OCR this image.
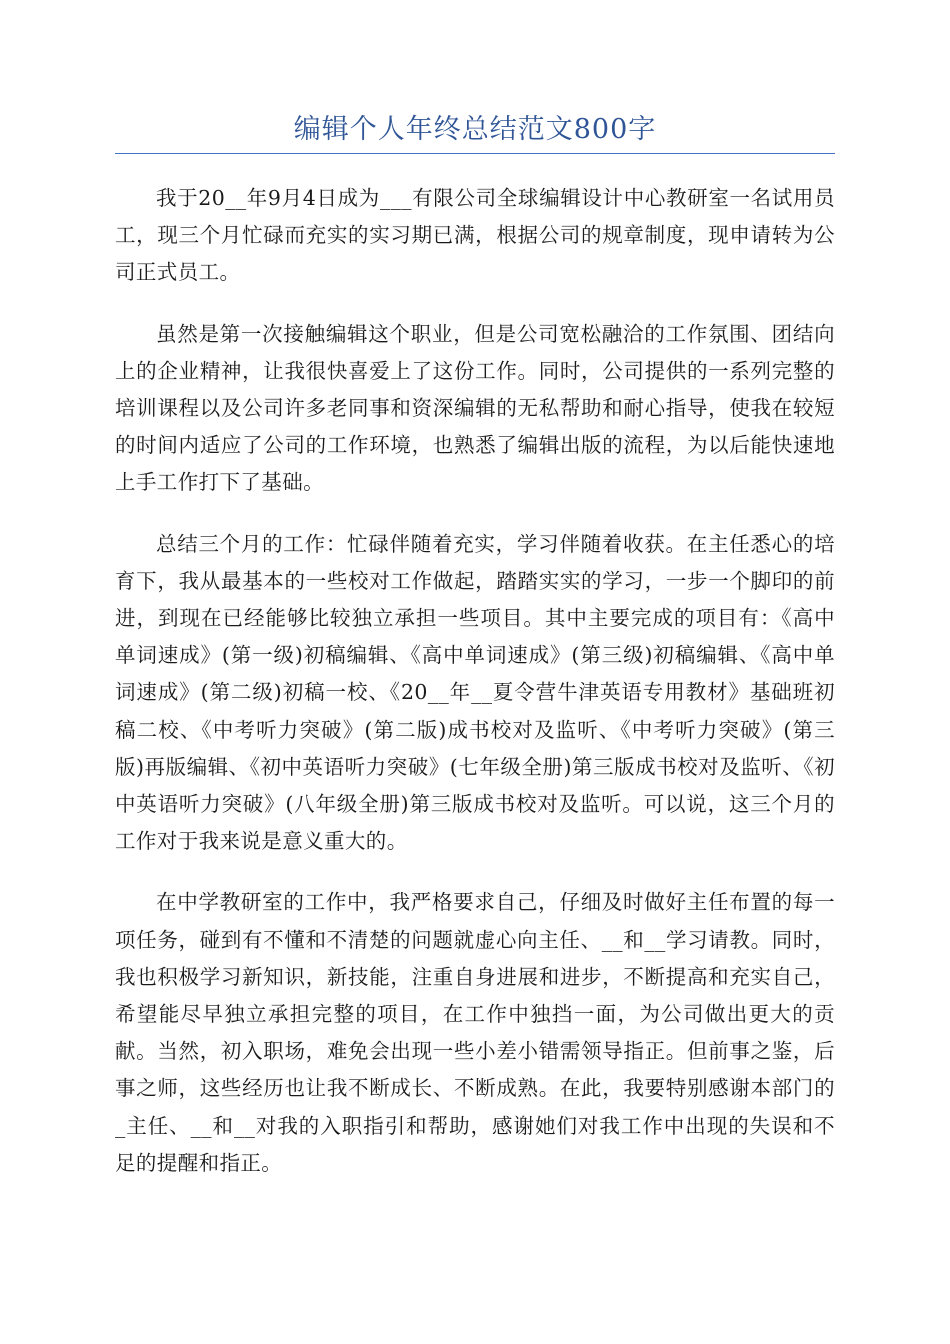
编辑个人年终总结范文800字

我于20__年9月4日成为___有限公司全球编辑设计中心教研室一名试用员工，现三个月忙碌而充实的实习期已满，根据公司的规章制度，现申请转为公司正式员工。

虽然是第一次接触编辑这个职业，但是公司宽松融洽的工作氛围、团结向上的企业精神，让我很快喜爱上了这份工作。同时，公司提供的一系列完整的培训课程以及公司许多老同事和资深编辑的无私帮助和耐心指导，使我在较短的时间内适应了公司的工作环境，也熟悉了编辑出版的流程，为以后能快速地上手工作打下了基础。

总结三个月的工作：忙碌伴随着充实，学习伴随着收获。在主任悉心的培育下，我从最基本的一些校对工作做起，踏踏实实的学习，一步一个脚印的前进，到现在已经能够比较独立承担一些项目。其中主要完成的项目有：《高中单词速成》(第一级)初稿编辑、《高中单词速成》(第三级)初稿编辑、《高中单词速成》(第二级)初稿一校、《20__年__夏令营牛津英语专用教材》基础班初稿二校、《中考听力突破》(第二版)成书校对及监听、《中考听力突破》(第三版)再版编辑、《初中英语听力突破》(七年级全册)第三版成书校对及监听、《初中英语听力突破》(八年级全册)第三版成书校对及监听。可以说，这三个月的工作对于我来说是意义重大的。

在中学教研室的工作中，我严格要求自己，仔细及时做好主任布置的每一项任务，碰到有不懂和不清楚的问题就虚心向主任、__和__学习请教。同时，我也积极学习新知识，新技能，注重自身进展和进步，不断提高和充实自己，希望能尽早独立承担完整的项目，在工作中独挡一面，为公司做出更大的贡献。当然，初入职场，难免会出现一些小差小错需领导指正。但前事之鉴，后事之师，这些经历也让我不断成长、不断成熟。在此，我要特别感谢本部门的_主任、__和__对我的入职指引和帮助，感谢她们对我工作中出现的失误和不足的提醒和指正。
